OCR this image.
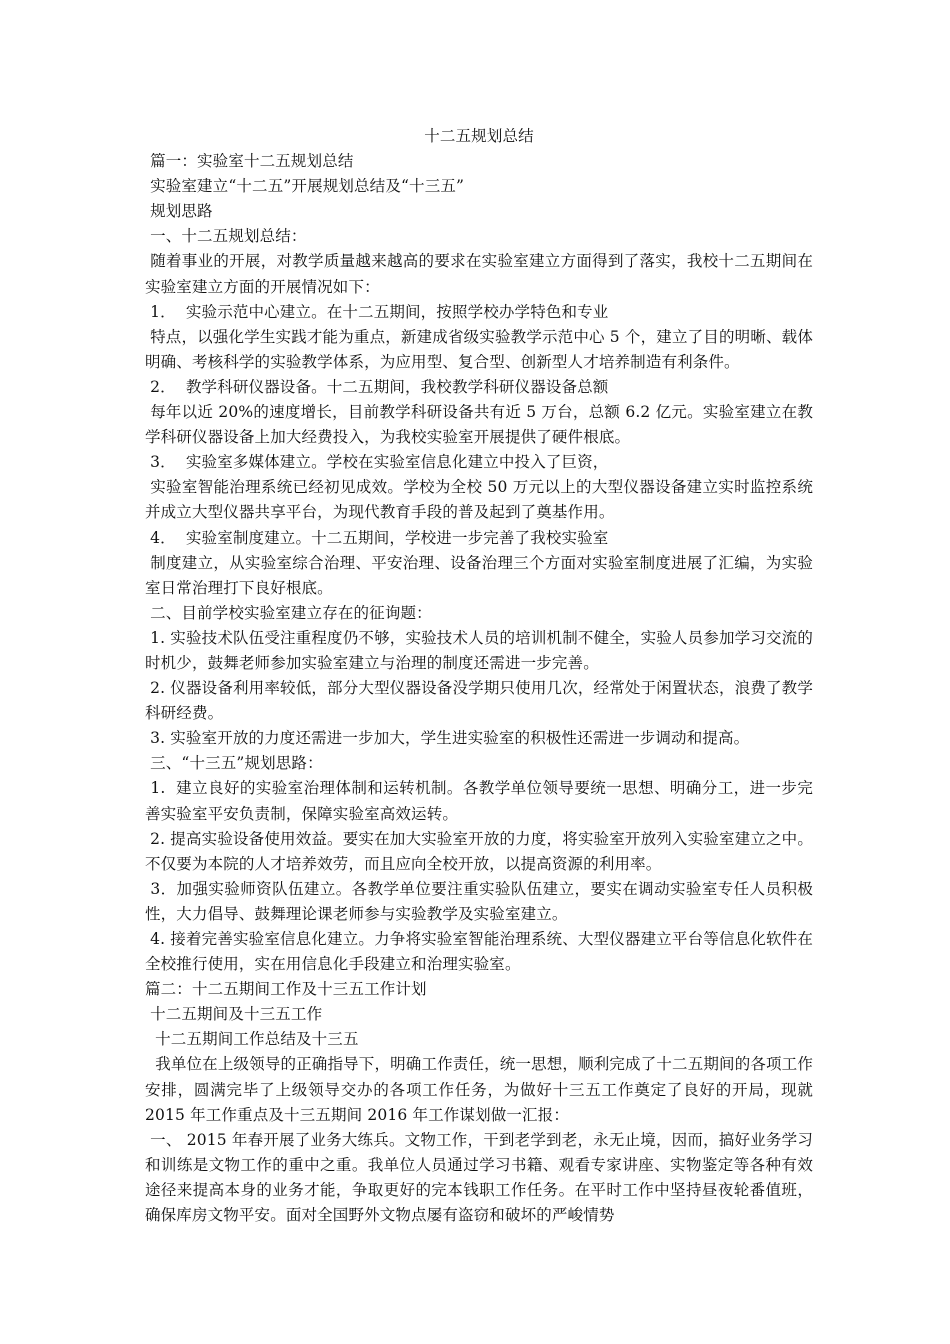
十二五规划总结

篇一：实验室十二五规划总结

实验室建立“十二五”开展规划总结及“十三五”

规划思路

一、十二五规划总结：

随着事业的开展，对教学质量越来越高的要求在实验室建立方面得到了落实，我校十二五期间在实验室建立方面的开展情况如下：

1．  实验示范中心建立。在十二五期间，按照学校办学特色和专业

特点，以强化学生实践才能为重点，新建成省级实验教学示范中心 5 个，建立了目的明晰、载体明确、考核科学的实验教学体系，为应用型、复合型、创新型人才培养制造有利条件。

2．  教学科研仪器设备。十二五期间，我校教学科研仪器设备总额

每年以近 20%的速度增长，目前教学科研设备共有近 5 万台，总额 6.2 亿元。实验室建立在教学科研仪器设备上加大经费投入，为我校实验室开展提供了硬件根底。

3．  实验室多媒体建立。学校在实验室信息化建立中投入了巨资，

实验室智能治理系统已经初见成效。学校为全校 50 万元以上的大型仪器设备建立实时监控系统并成立大型仪器共享平台，为现代教育手段的普及起到了奠基作用。

4．  实验室制度建立。十二五期间，学校进一步完善了我校实验室

制度建立，从实验室综合治理、平安治理、设备治理三个方面对实验室制度进展了汇编，为实验室日常治理打下良好根底。

二、目前学校实验室建立存在的征询题：

1. 实验技术队伍受注重程度仍不够，实验技术人员的培训机制不健全，实验人员参加学习交流的时机少，鼓舞老师参加实验室建立与治理的制度还需进一步完善。

2. 仪器设备利用率较低，部分大型仪器设备没学期只使用几次，经常处于闲置状态，浪费了教学科研经费。

3. 实验室开放的力度还需进一步加大，学生进实验室的积极性还需进一步调动和提高。

三、“十三五”规划思路：

1.  建立良好的实验室治理体制和运转机制。各教学单位领导要统一思想、明确分工，进一步完善实验室平安负责制，保障实验室高效运转。

2. 提高实验设备使用效益。要实在加大实验室开放的力度，将实验室开放列入实验室建立之中。不仅要为本院的人才培养效劳，而且应向全校开放，以提高资源的利用率。

3．加强实验师资队伍建立。各教学单位要注重实验队伍建立，要实在调动实验室专任人员积极性，大力倡导、鼓舞理论课老师参与实验教学及实验室建立。

4. 接着完善实验室信息化建立。力争将实验室智能治理系统、大型仪器建立平台等信息化软件在全校推行使用，实在用信息化手段建立和治理实验室。

篇二：十二五期间工作及十三五工作计划

十二五期间及十三五工作

十二五期间工作总结及十三五

我单位在上级领导的正确指导下，明确工作责任，统一思想，顺利完成了十二五期间的各项工作安排，圆满完毕了上级领导交办的各项工作任务，为做好十三五工作奠定了良好的开局，现就 2015 年工作重点及十三五期间 2016 年工作谋划做一汇报：

一、 2015 年春开展了业务大练兵。文物工作，干到老学到老，永无止境，因而，搞好业务学习和训练是文物工作的重中之重。我单位人员通过学习书籍、观看专家讲座、实物鉴定等各种有效途径来提高本身的业务才能，争取更好的完本钱职工作任务。在平时工作中坚持昼夜轮番值班，确保库房文物平安。面对全国野外文物点屡有盗窃和破坏的严峻情势
